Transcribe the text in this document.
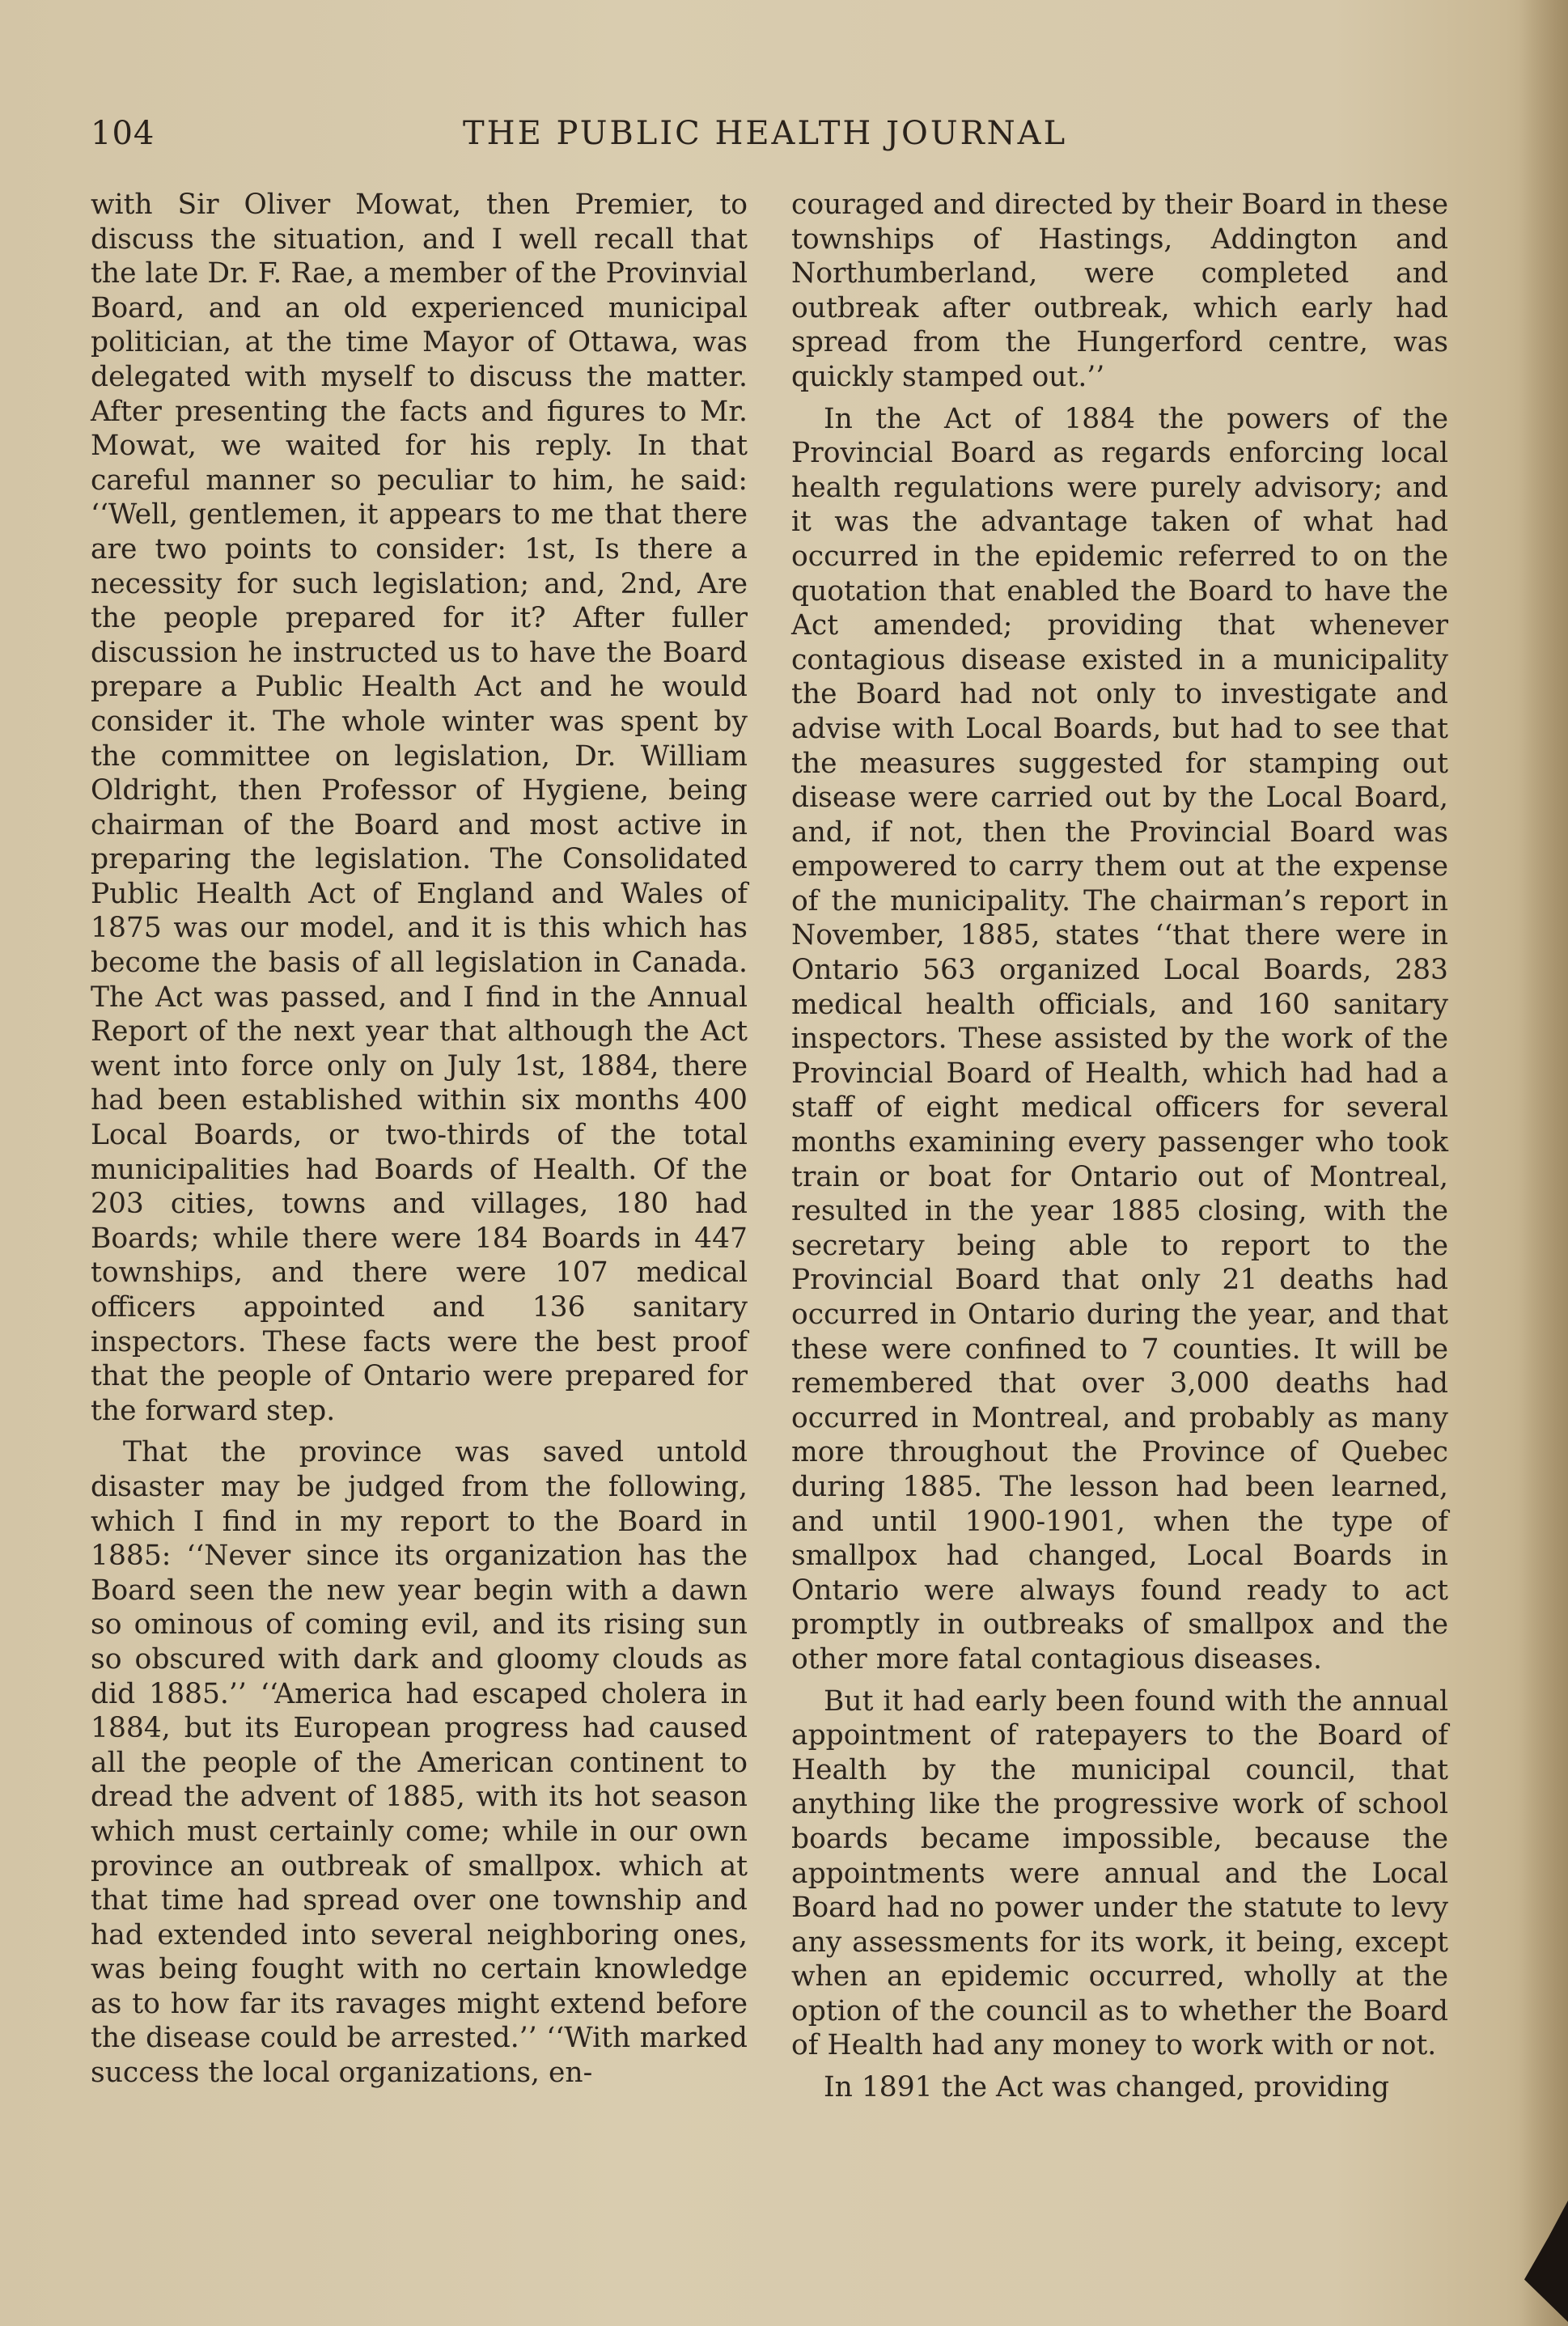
104	THE PUBLIC HEALTH JOURNAL

with Sir Oliver Mowat, then Premier, to discuss the situation, and I well recall that the late Dr. F. Rae, a member of the Provinvial Board, and an old experienced municipal politician, at the time Mayor of Ottawa, was delegated with myself to discuss the matter. After presenting the facts and figures to Mr. Mowat, we waited for his reply. In that careful manner so peculiar to him, he said: ‘‘Well, gentlemen, it appears to me that there are two points to consider: 1st, Is there a necessity for such legislation; and, 2nd, Are the people prepared for it? After fuller discussion he instructed us to have the Board prepare a Public Health Act and he would consider it. The whole winter was spent by the committee on legislation, Dr. William Oldright, then Professor of Hygiene, being chairman of the Board and most active in preparing the legislation. The Consolidated Public Health Act of England and Wales of 1875 was our model, and it is this which has become the basis of all legislation in Canada. The Act was passed, and I find in the Annual Report of the next year that although the Act went into force only on July 1st, 1884, there had been established within six months 400 Local Boards, or two-thirds of the total municipalities had Boards of Health. Of the 203 cities, towns and villages, 180 had Boards; while there were 184 Boards in 447 townships, and there were 107 medical officers appointed and 136 sanitary inspectors. These facts were the best proof that the people of Ontario were prepared for the forward step.

That the province was saved untold disaster may be judged from the following, which I find in my report to the Board in 1885: ‘‘Never since its organization has the Board seen the new year begin with a dawn so ominous of coming evil, and its rising sun so obscured with dark and gloomy clouds as did 1885.’’ ‘‘America had escaped cholera in 1884, but its European progress had caused all the people of the American continent to dread the advent of 1885, with its hot season which must certainly come; while in our own province an outbreak of smallpox. which at that time had spread over one township and had extended into several neighboring ones, was being fought with no certain knowledge as to how far its ravages might extend before the disease could be arrested.’’ ‘‘With marked success the local organizations, en-

couraged and directed by their Board in these townships of Hastings, Addington and Northumberland, were completed and outbreak after outbreak, which early had spread from the Hungerford centre, was quickly stamped out.’’

In the Act of 1884 the powers of the Provincial Board as regards enforcing local health regulations were purely advisory; and it was the advantage taken of what had occurred in the epidemic referred to on the quotation that enabled the Board to have the Act amended; providing that whenever contagious disease existed in a municipality the Board had not only to investigate and advise with Local Boards, but had to see that the measures suggested for stamping out disease were carried out by the Local Board, and, if not, then the Provincial Board was empowered to carry them out at the expense of the municipality. The chairman’s report in November, 1885, states ‘‘that there were in Ontario 563 organized Local Boards, 283 medical health officials, and 160 sanitary inspectors. These assisted by the work of the Provincial Board of Health, which had had a staff of eight medical officers for several months examining every passenger who took train or boat for Ontario out of Montreal, resulted in the year 1885 closing, with the secretary being able to report to the Provincial Board that only 21 deaths had occurred in Ontario during the year, and that these were confined to 7 counties. It will be remembered that over 3,000 deaths had occurred in Montreal, and probably as many more throughout the Province of Quebec during 1885. The lesson had been learned, and until 1900-1901, when the type of smallpox had changed, Local Boards in Ontario were always found ready to act promptly in outbreaks of smallpox and the other more fatal contagious diseases.

But it had early been found with the annual appointment of ratepayers to the Board of Health by the municipal council, that anything like the progressive work of school boards became impossible, because the appointments were annual and the Local Board had no power under the statute to levy any assessments for its work, it being, except when an epidemic occurred, wholly at the option of the council as to whether the Board of Health had any money to work with or not.

In 1891 the Act was changed, providing
